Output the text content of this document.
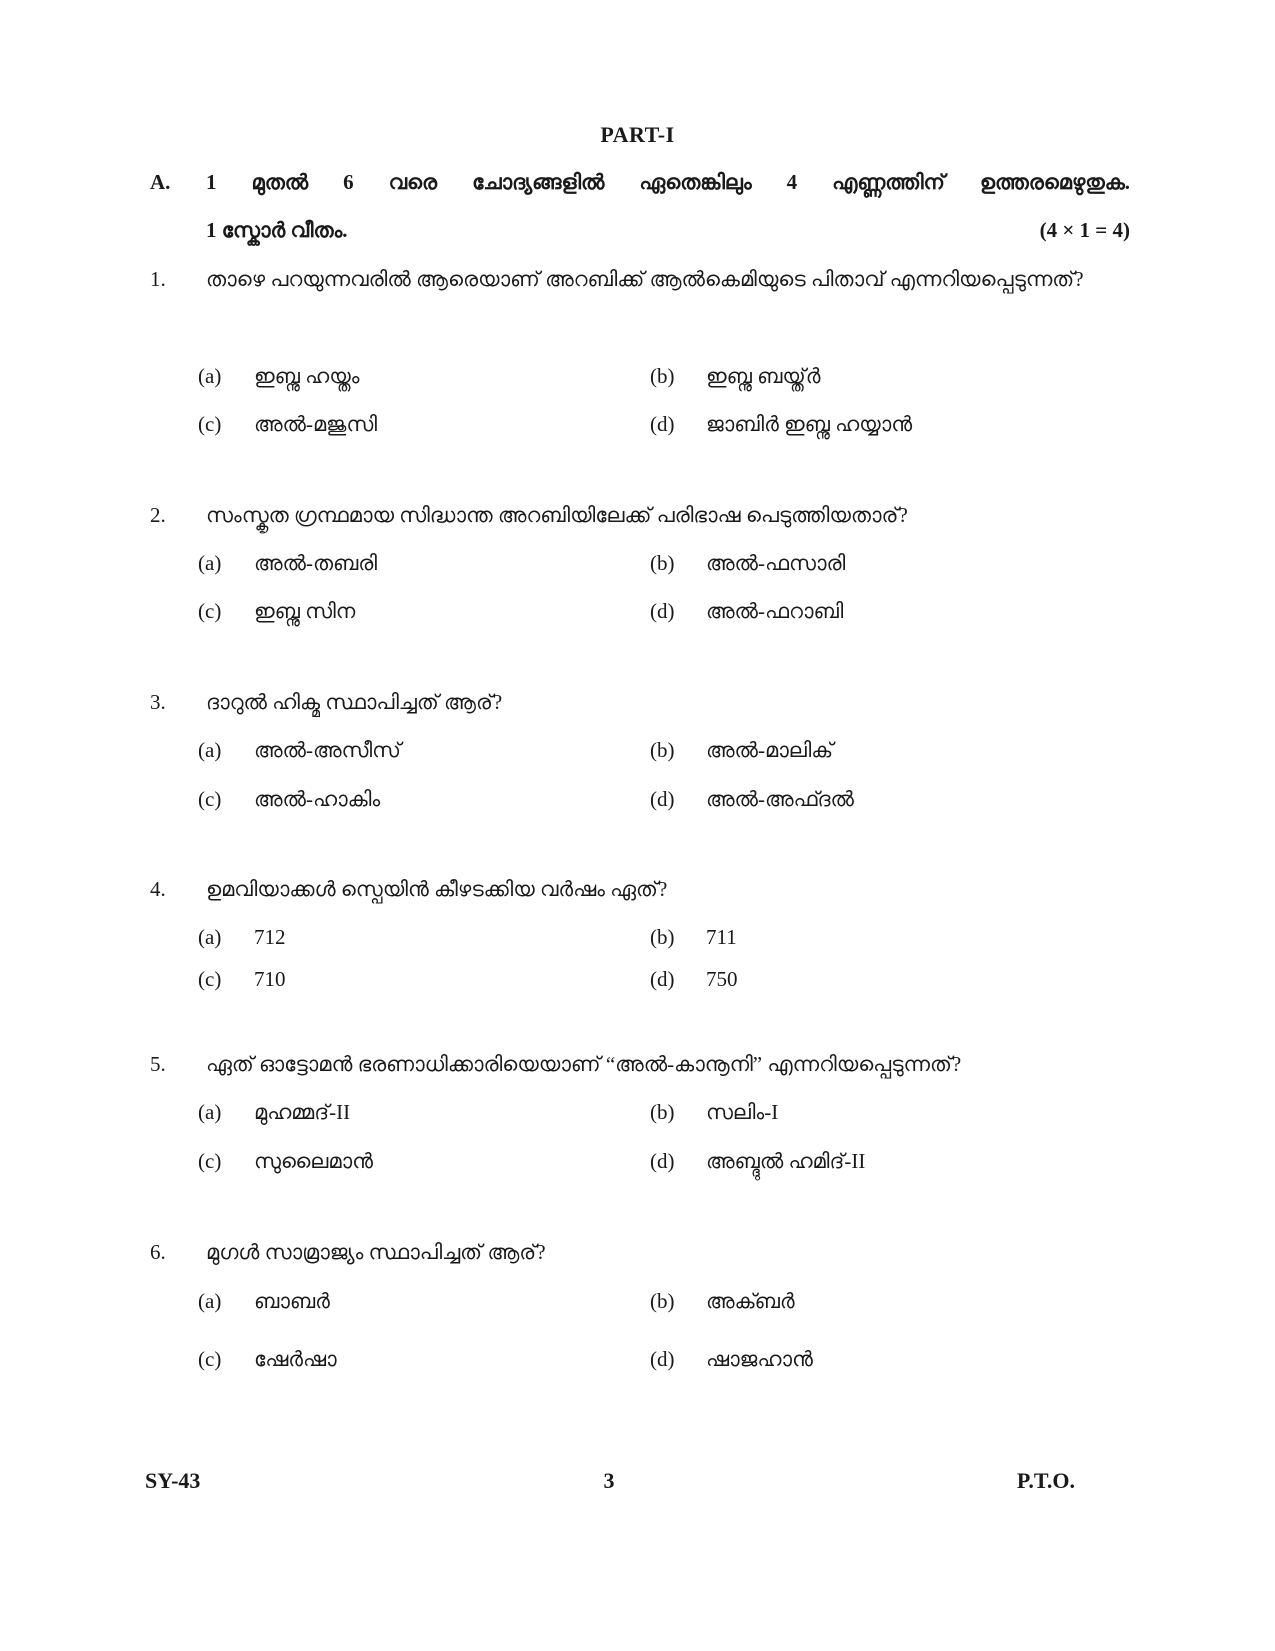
PART-I
A. 1 മുതൽ 6 വരെ ചോദ്യങ്ങളിൽ ഏതെങ്കിലും 4 എണ്ണത്തിന് ഉത്തരമെഴുതുക.
1 സ്കോർ വീതം.	(4 × 1 = 4)
1. താഴെ പറയുന്നവരിൽ ആരെയാണ് അറബിക്ക് ആൽകെമിയുടെ പിതാവ് എന്നറിയപ്പെടുന്നത്?
(a) ഇബ്നു ഹയ്തം	(b) ഇബ്നു ബയ്ത്ർ
(c) അൽ-മജുസി	(d) ജാബിർ ഇബ്നു ഹയ്യാൻ
2. സംസ്കൃത ഗ്രന്ഥമായ സിദ്ധാന്ത അറബിയിലേക്ക് പരിഭാഷ പെടുത്തിയതാര്?
(a) അൽ-തബരി	(b) അൽ-ഫസാരി
(c) ഇബ്നു സിന	(d) അൽ-ഫറാബി
3. ദാറുൽ ഹിക്മ സ്ഥാപിച്ചത് ആര്?
(a) അൽ-അസീസ്	(b) അൽ-മാലിക്
(c) അൽ-ഹാകിം	(d) അൽ-അഫ്ദൽ
4. ഉമവിയാക്കൾ സ്പെയിൻ കീഴടക്കിയ വർഷം ഏത്?
(a) 712	(b) 711
(c) 710	(d) 750
5. ഏത് ഓട്ടോമൻ ഭരണാധിക്കാരിയെയാണ് “അൽ-കാനൂനി” എന്നറിയപ്പെടുന്നത്?
(a) മുഹമ്മദ്-II	(b) സലിം-I
(c) സുലൈമാൻ	(d) അബ്ദുൽ ഹമിദ്-II
6. മുഗൾ സാമ്രാജ്യം സ്ഥാപിച്ചത് ആര്?
(a) ബാബർ	(b) അക്ബർ
(c) ഷേർഷാ	(d) ഷാജഹാൻ
SY-43	3	P.T.O.
